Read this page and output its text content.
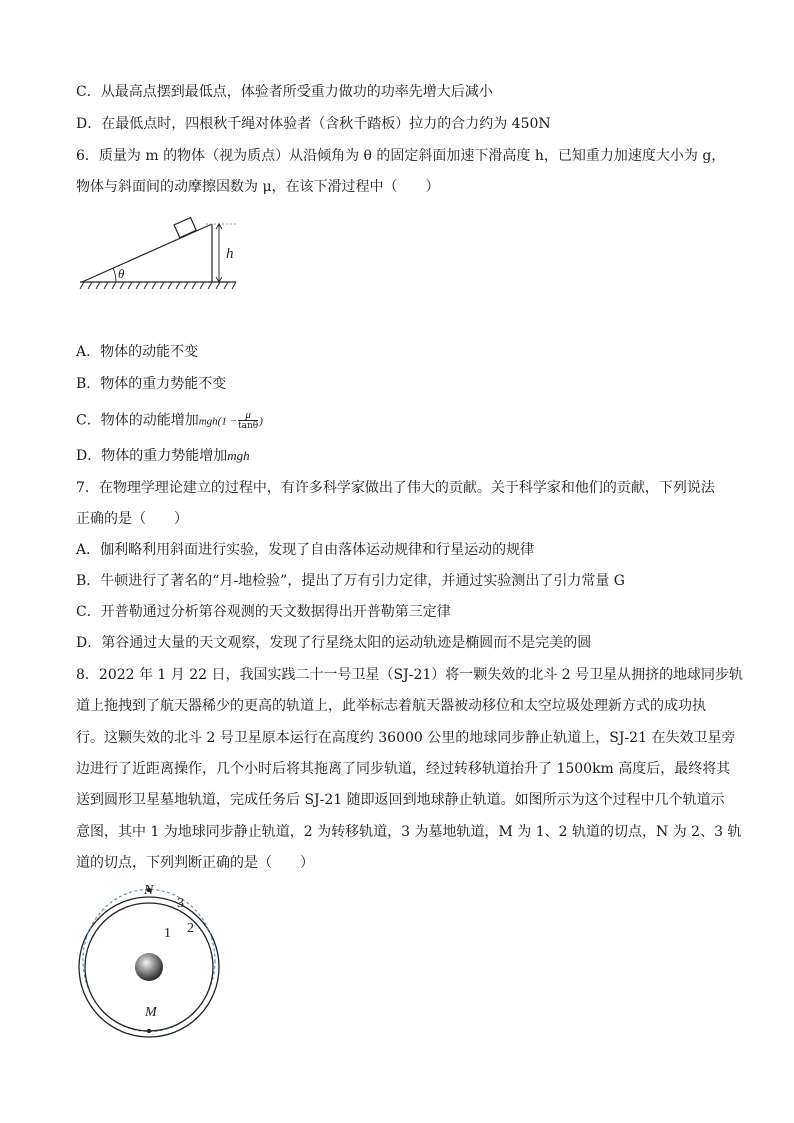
C．从最高点摆到最低点，体验者所受重力做功的功率先增大后减小
D．在最低点时，四根秋千绳对体验者（含秋千踏板）拉力的合力约为 450N
6．质量为 m 的物体（视为质点）从沿倾角为 θ 的固定斜面加速下滑高度 h，已知重力加速度大小为 g，
物体与斜面间的动摩擦因数为 μ，在该下滑过程中（　　）
θ
h
A．物体的动能不变
B．物体的重力势能不变
C．物体的动能增加$mgh(1 - \frac{\mu}{\tan\theta}$ )
D．物体的重力势能增加mgh
7．在物理学理论建立的过程中，有许多科学家做出了伟大的贡献。关于科学家和他们的贡献，下列说法
正确的是（　　）
A．伽利略利用斜面进行实验，发现了自由落体运动规律和行星运动的规律
B．牛顿进行了著名的“月-地检验”，提出了万有引力定律，并通过实验测出了引力常量 G
C．开普勒通过分析第谷观测的天文数据得出开普勒第三定律
D．第谷通过大量的天文观察，发现了行星绕太阳的运动轨迹是椭圆而不是完美的圆
8．2022 年 1 月 22 日，我国实践二十一号卫星（SJ-21）将一颗失效的北斗 2 号卫星从拥挤的地球同步轨
道上拖拽到了航天器稀少的更高的轨道上，此举标志着航天器被动移位和太空垃圾处理新方式的成功执
行。这颗失效的北斗 2 号卫星原本运行在高度约 36000 公里的地球同步静止轨道上，SJ-21 在失效卫星旁
边进行了近距离操作，几个小时后将其拖离了同步轨道，经过转移轨道抬升了 1500km 高度后，最终将其
送到圆形卫星墓地轨道，完成任务后 SJ-21 随即返回到地球静止轨道。如图所示为这个过程中几个轨道示
意图，其中 1 为地球同步静止轨道，2 为转移轨道，3 为墓地轨道，M 为 1、2 轨道的切点，N 为 2、3 轨
道的切点，下列判断正确的是（　　）
N
M
1 2
3
